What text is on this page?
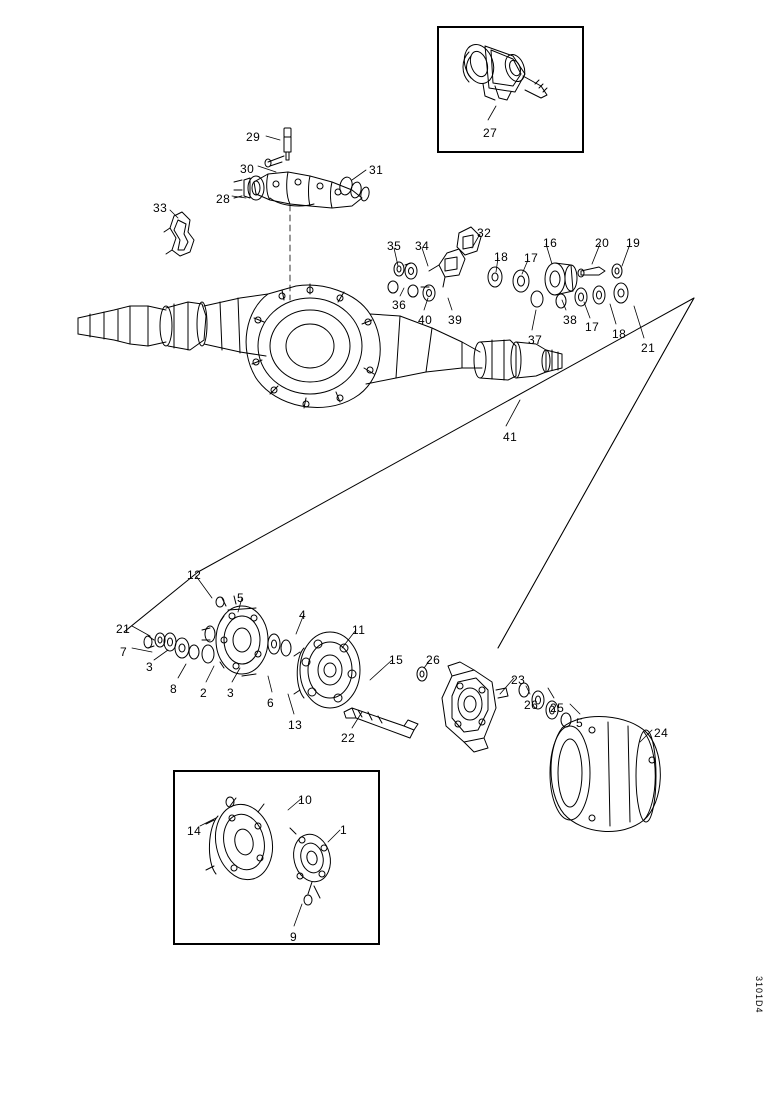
29
30	31
28
33
32
35 34
18
16
17
20 19
36
40 39
37
38 17 18
21
41
12
5
4
11
21
7
3
8 2 3
6
13
22
15 26
23
26 25
5
24
27
10
14	1
9
3101D4
